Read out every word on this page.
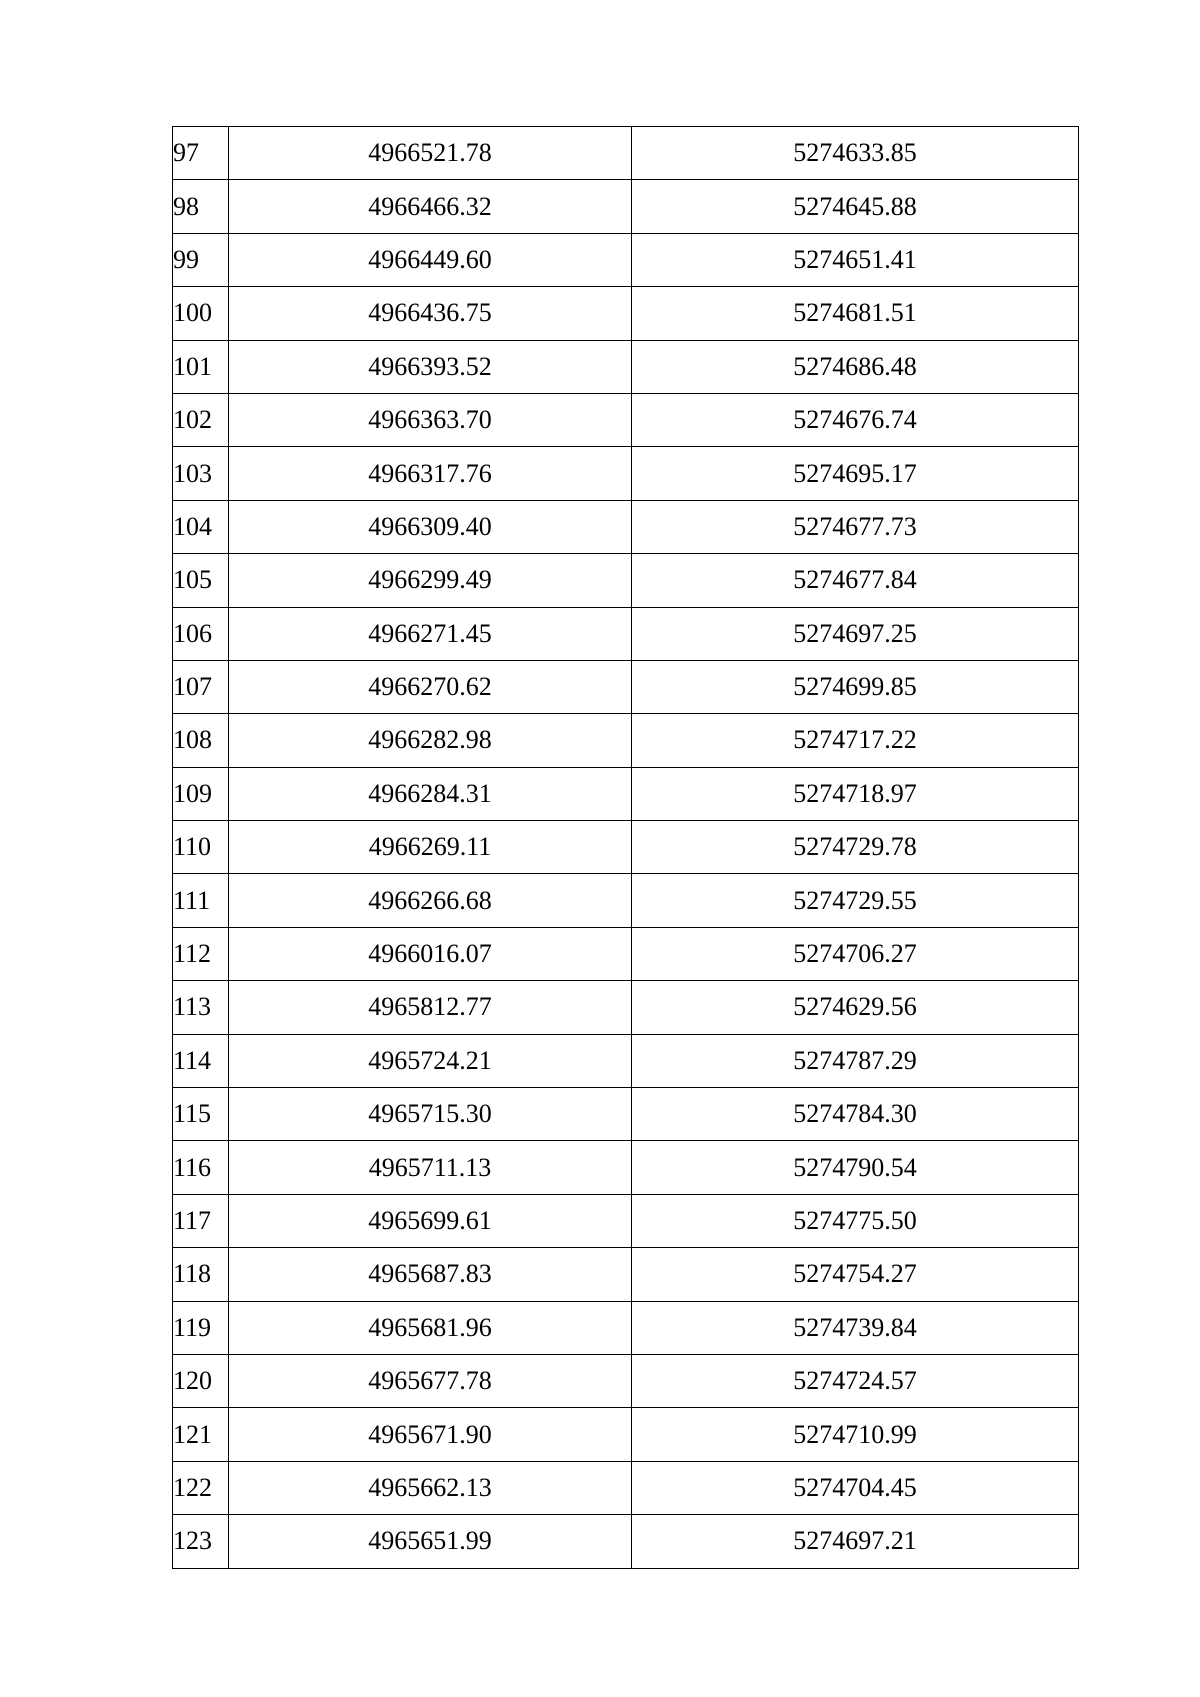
97	4966521.78	5274633.85
98	4966466.32	5274645.88
99	4966449.60	5274651.41
100	4966436.75	5274681.51
101	4966393.52	5274686.48
102	4966363.70	5274676.74
103	4966317.76	5274695.17
104	4966309.40	5274677.73
105	4966299.49	5274677.84
106	4966271.45	5274697.25
107	4966270.62	5274699.85
108	4966282.98	5274717.22
109	4966284.31	5274718.97
110	4966269.11	5274729.78
111	4966266.68	5274729.55
112	4966016.07	5274706.27
113	4965812.77	5274629.56
114	4965724.21	5274787.29
115	4965715.30	5274784.30
116	4965711.13	5274790.54
117	4965699.61	5274775.50
118	4965687.83	5274754.27
119	4965681.96	5274739.84
120	4965677.78	5274724.57
121	4965671.90	5274710.99
122	4965662.13	5274704.45
123	4965651.99	5274697.21
